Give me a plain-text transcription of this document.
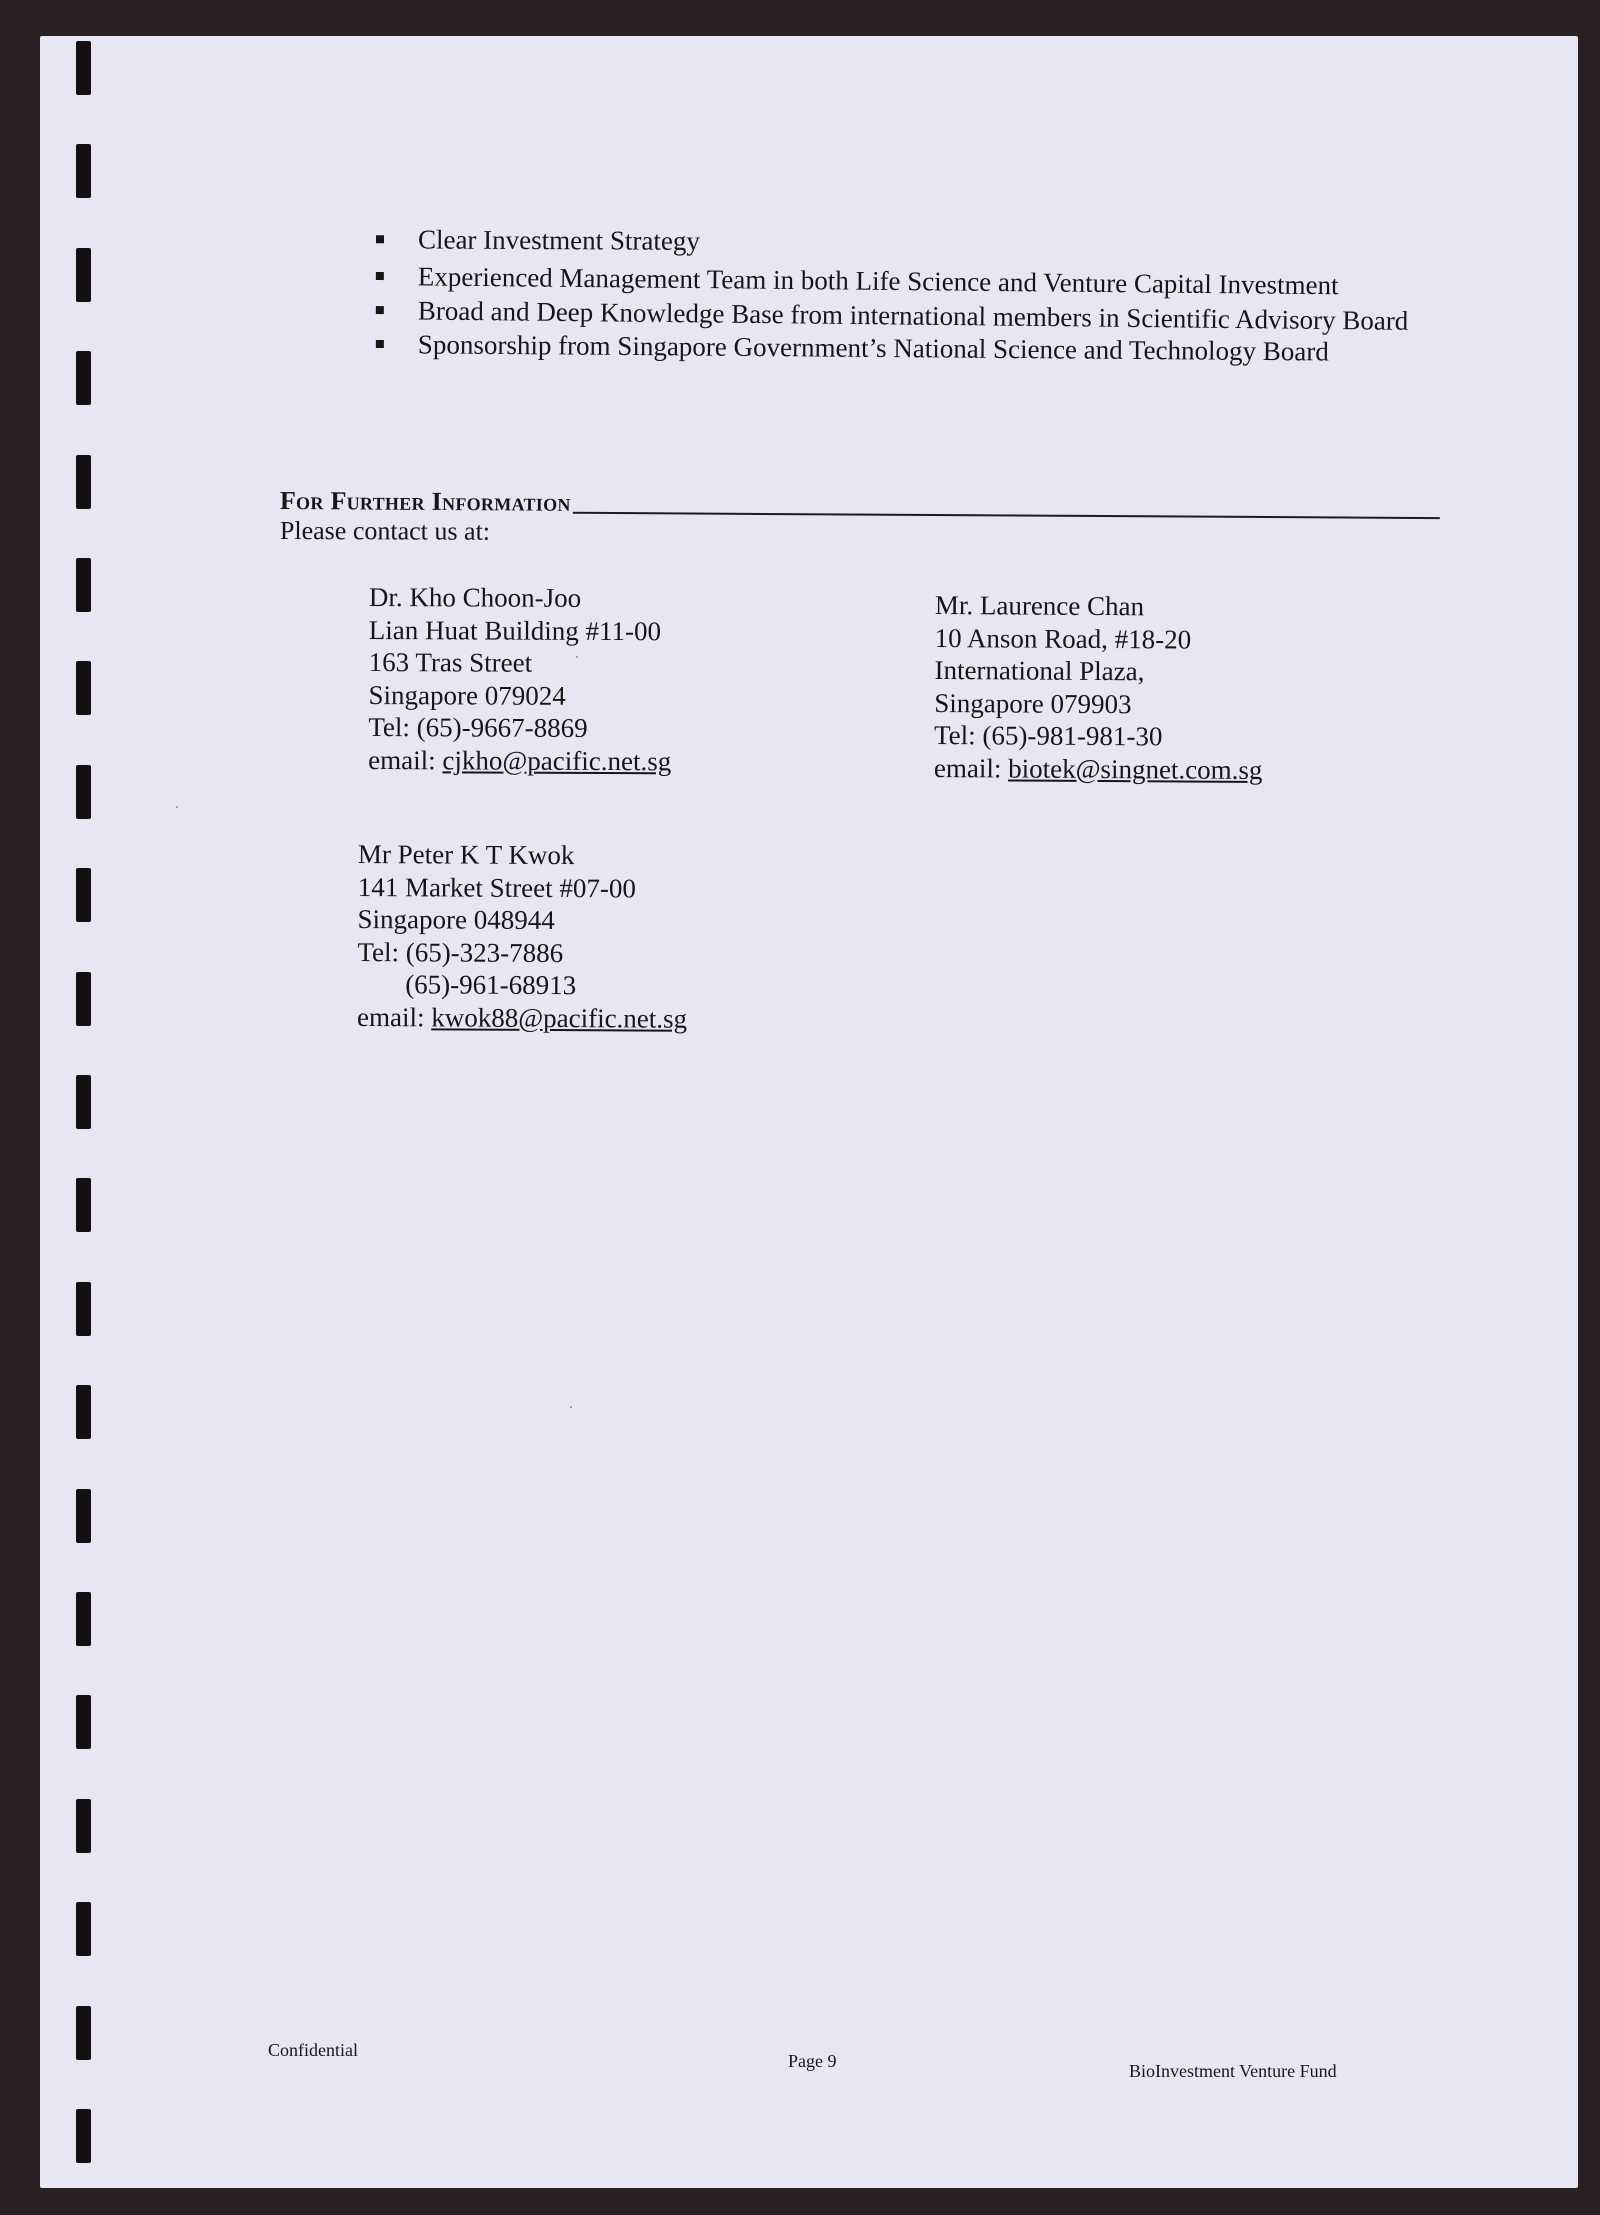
Clear Investment Strategy
Experienced Management Team in both Life Science and Venture Capital Investment
Broad and Deep Knowledge Base from international members in Scientific Advisory Board
Sponsorship from Singapore Government’s National Science and Technology Board
For Further Information
Please contact us at:
Dr. Kho Choon-Joo
Lian Huat Building #11-00
163 Tras Street
Singapore 079024
Tel: (65)-9667-8869
email: cjkho@pacific.net.sg
Mr. Laurence Chan
10 Anson Road, #18-20
International Plaza,
Singapore 079903
Tel: (65)-981-981-30
email: biotek@singnet.com.sg
Mr Peter K T Kwok
141 Market Street #07-00
Singapore 048944
Tel: (65)-323-7886
(65)-961-68913
email: kwok88@pacific.net.sg
Confidential
Page 9	BioInvestment Venture Fund
